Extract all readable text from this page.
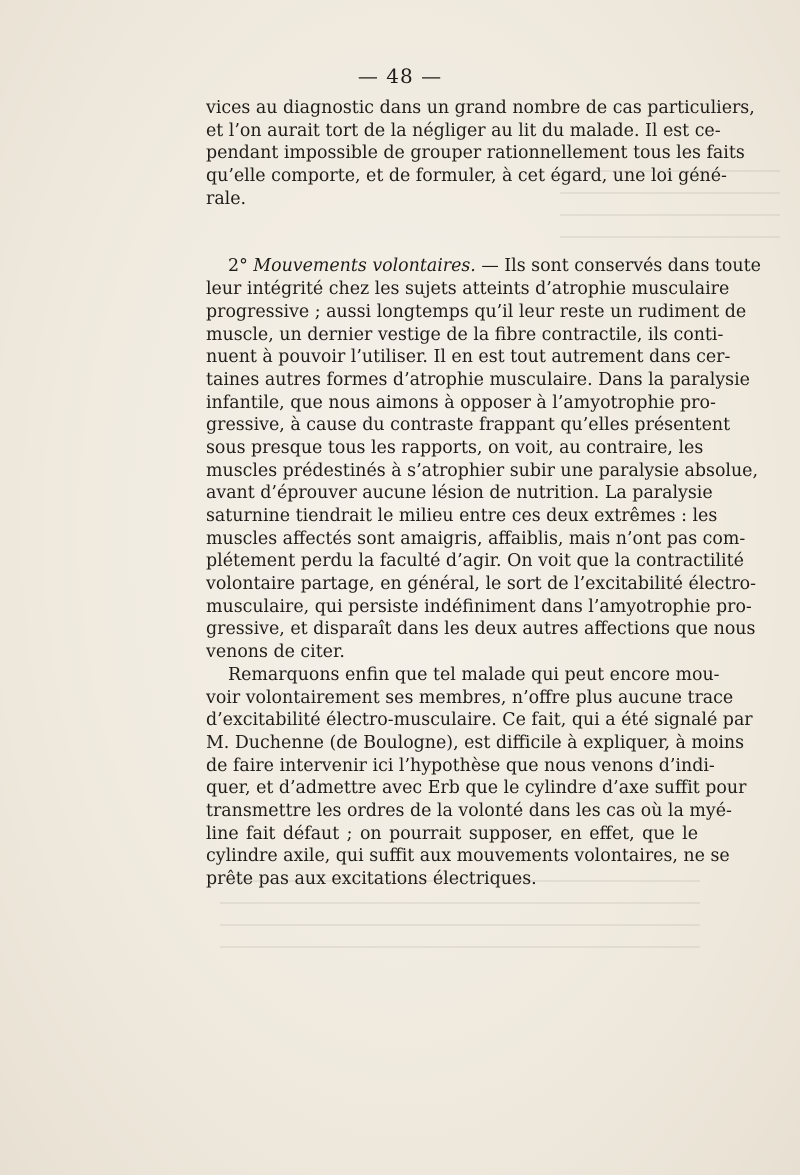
— 48 —
vices au diagnostic dans un grand nombre de cas particuliers,
et l’on aurait tort de la négliger au lit du malade. Il est ce-
pendant impossible de grouper rationnellement tous les faits
qu’elle comporte, et de formuler, à cet égard, une loi géné-
rale.
2° Mouvements volontaires. — Ils sont conservés dans toute
leur intégrité chez les sujets atteints d’atrophie musculaire
progressive ; aussi longtemps qu’il leur reste un rudiment de
muscle, un dernier vestige de la fibre contractile, ils conti-
nuent à pouvoir l’utiliser. Il en est tout autrement dans cer-
taines autres formes d’atrophie musculaire. Dans la paralysie
infantile, que nous aimons à opposer à l’amyotrophie pro-
gressive, à cause du contraste frappant qu’elles présentent
sous presque tous les rapports, on voit, au contraire, les
muscles prédestinés à s’atrophier subir une paralysie absolue,
avant d’éprouver aucune lésion de nutrition. La paralysie
saturnine tiendrait le milieu entre ces deux extrêmes : les
muscles affectés sont amaigris, affaiblis, mais n’ont pas com-
plétement perdu la faculté d’agir. On voit que la contractilité
volontaire partage, en général, le sort de l’excitabilité électro-
musculaire, qui persiste indéfiniment dans l’amyotrophie pro-
gressive, et disparaît dans les deux autres affections que nous
venons de citer.
Remarquons enfin que tel malade qui peut encore mou-
voir volontairement ses membres, n’offre plus aucune trace
d’excitabilité électro-musculaire. Ce fait, qui a été signalé par
M. Duchenne (de Boulogne), est difficile à expliquer, à moins
de faire intervenir ici l’hypothèse que nous venons d’indi-
quer, et d’admettre avec Erb que le cylindre d’axe suffit pour
transmettre les ordres de la volonté dans les cas où la myé-
line fait défaut ; on pourrait supposer, en effet, que le
cylindre axile, qui suffit aux mouvements volontaires, ne se
prête pas aux excitations électriques.
